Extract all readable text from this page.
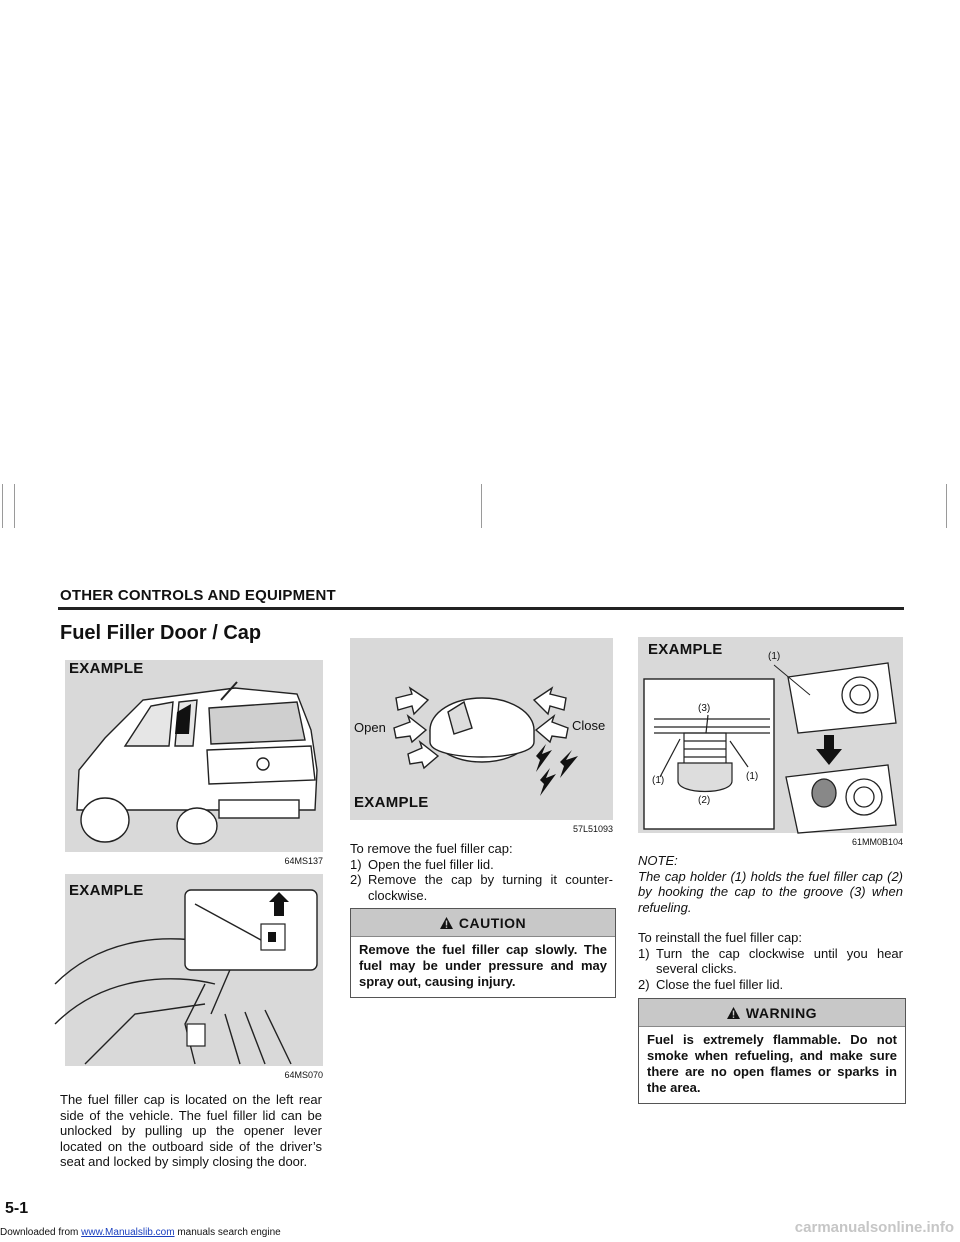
OTHER CONTROLS AND EQUIPMENT
Fuel Filler Door / Cap
EXAMPLE
64MS137
EXAMPLE
64MS070

The fuel filler cap is located on the left rear side of the vehicle. The fuel filler lid can be unlocked by pulling up the opener lever located on the outboard side of the driver’s seat and locked by simply closing the door.

Open	Close
EXAMPLE
57L51093

To remove the fuel filler cap:

1) Open the fuel filler lid.
2) Remove the cap by turning it counter-clockwise.
CAUTION
Remove the fuel filler cap slowly. The fuel may be under pressure and may spray out, causing injury.
EXAMPLE	(1)
(3)
(1)	(1)
(2)
61MM0B104

NOTE:

The cap holder (1) holds the fuel filler cap (2) by hooking the cap to the groove (3) when refueling.

To reinstall the fuel filler cap:

1) Turn the cap clockwise until you hear several clicks.
2) Close the fuel filler lid.
WARNING
Fuel is extremely flammable. Do not smoke when refueling, and make sure there are no open flames or sparks in the area.
5-1
Downloaded from www.Manualslib.com manuals search engine	carmanualsonline.info
